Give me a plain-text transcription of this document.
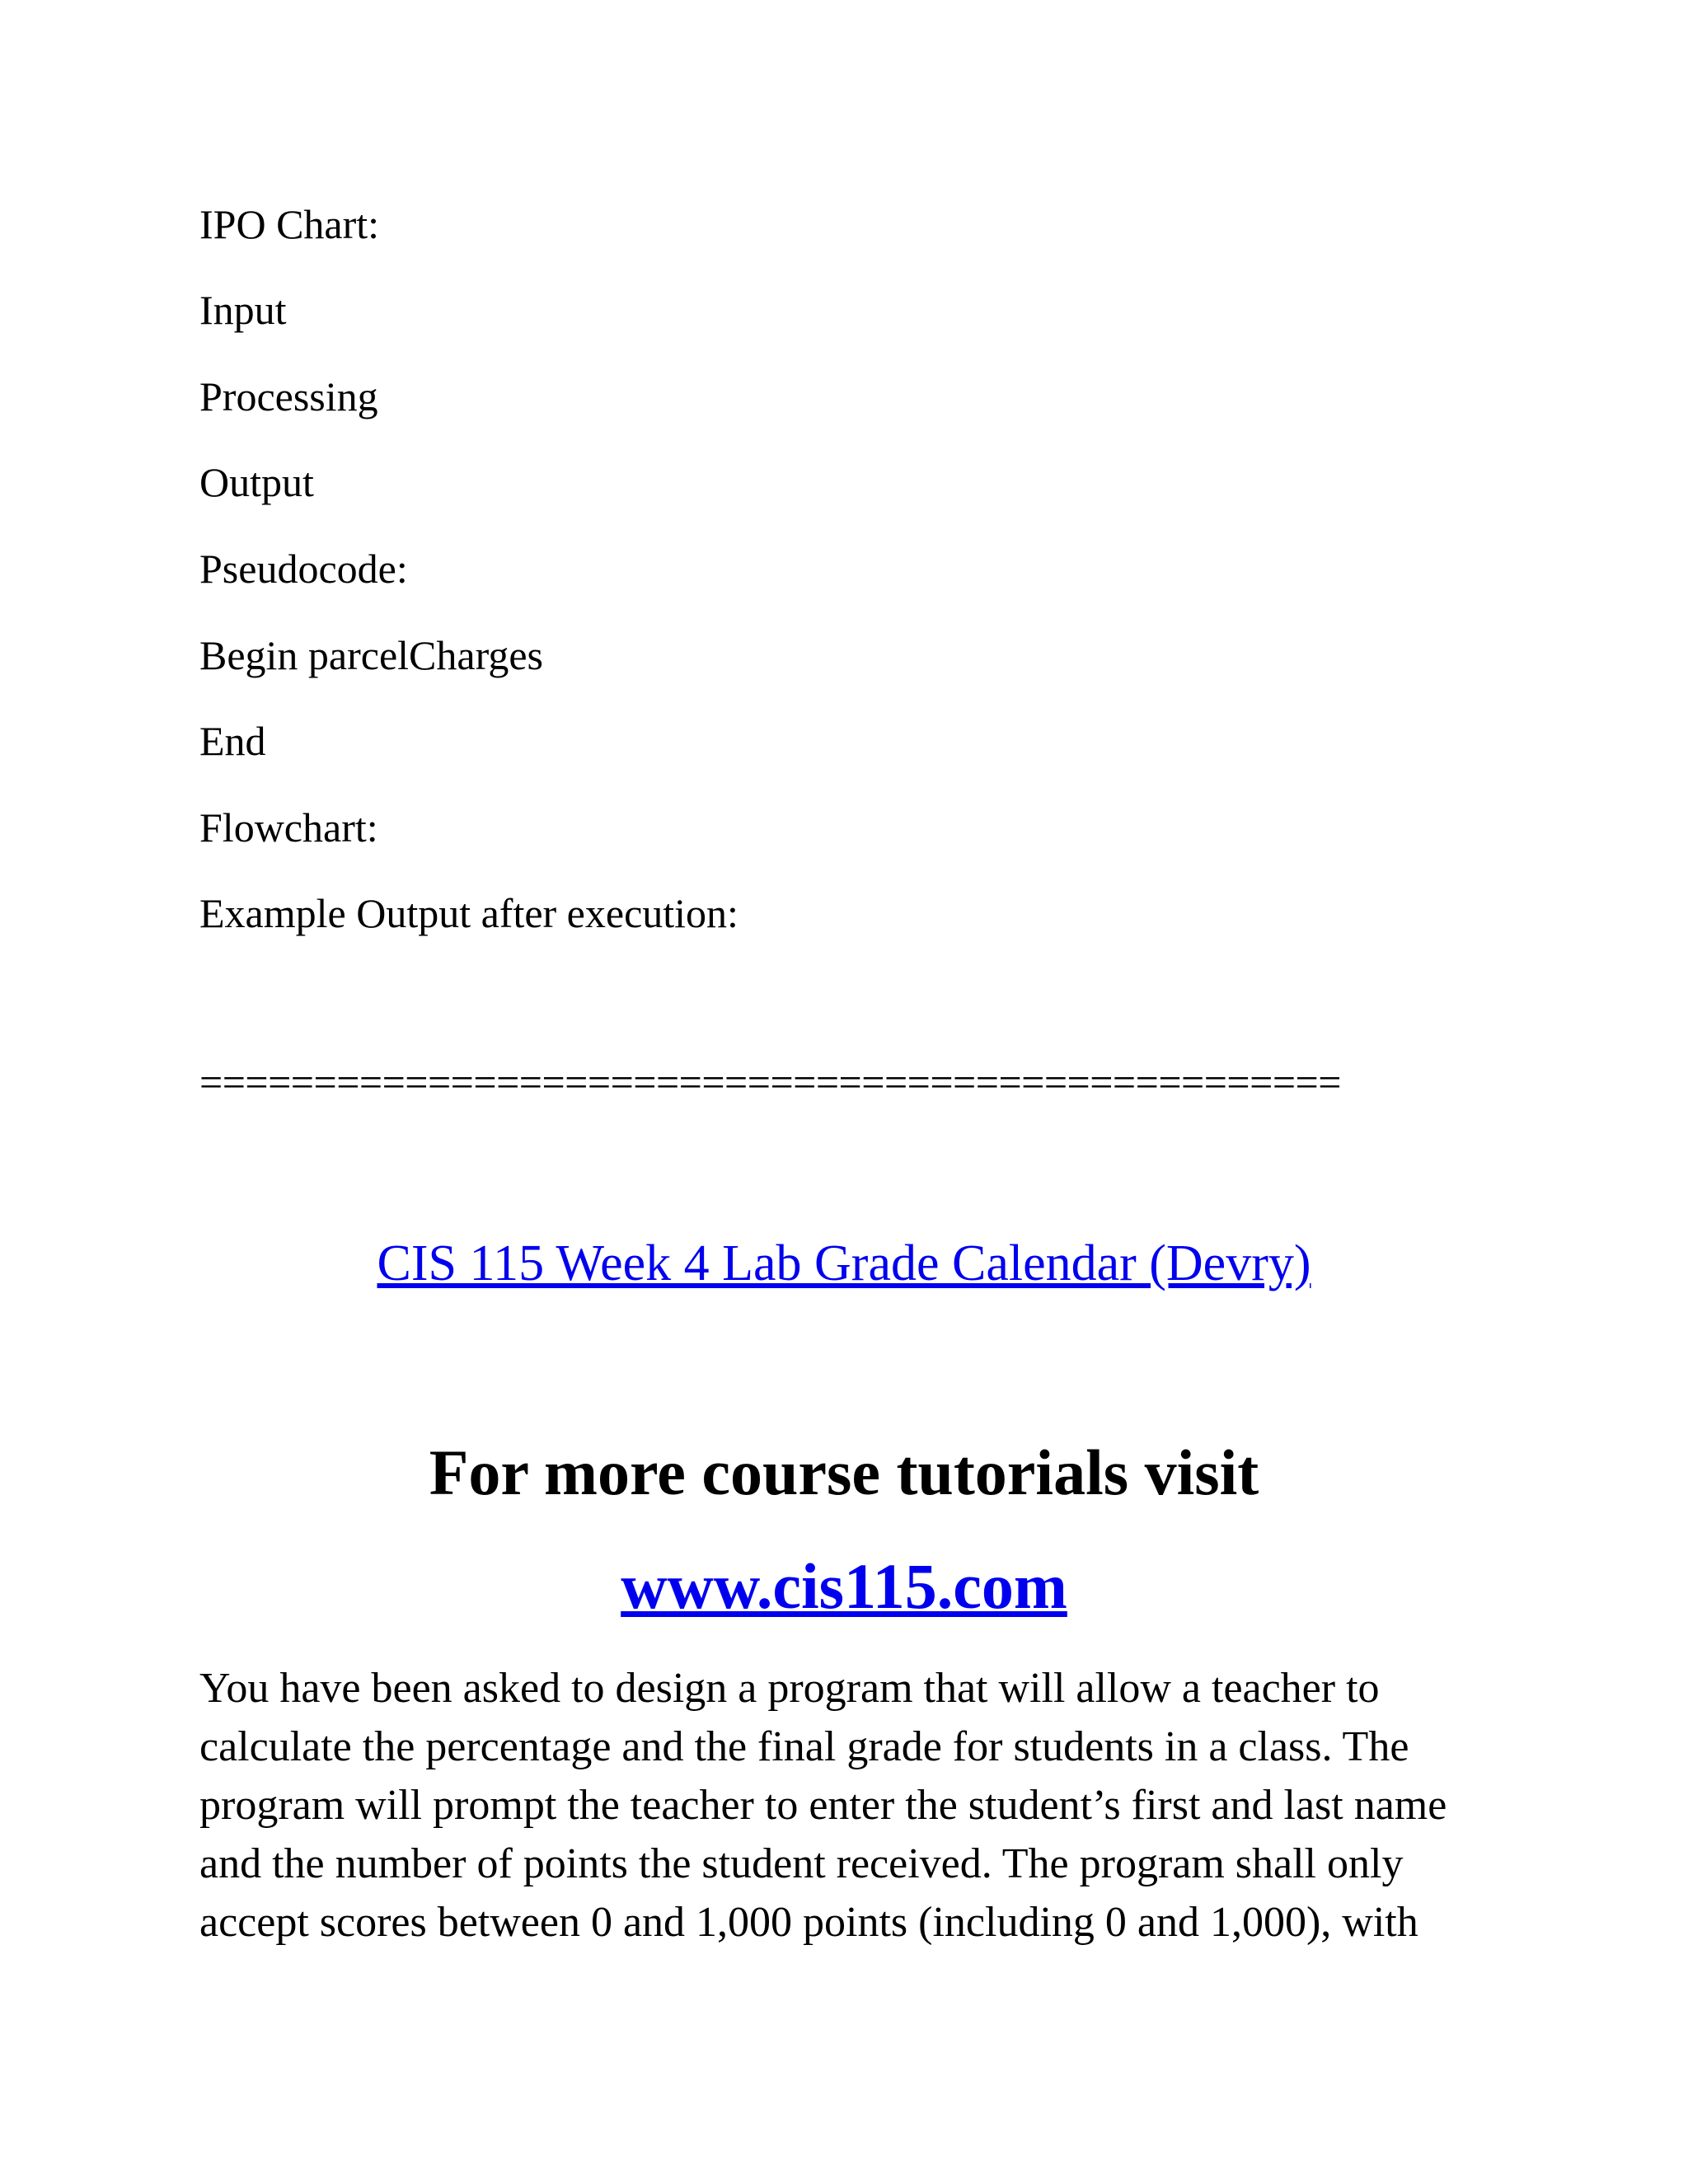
IPO Chart:
Input
Processing
Output
Pseudocode:
Begin parcelCharges
End
Flowchart:
Example Output after execution:
==================================================
CIS 115 Week 4 Lab Grade Calendar (Devry)
For more course tutorials visit
www.cis115.com
You have been asked to design a program that will allow a teacher to
calculate the percentage and the final grade for students in a class. The
program will prompt the teacher to enter the student’s first and last name
and the number of points the student received. The program shall only
accept scores between 0 and 1,000 points (including 0 and 1,000), with
